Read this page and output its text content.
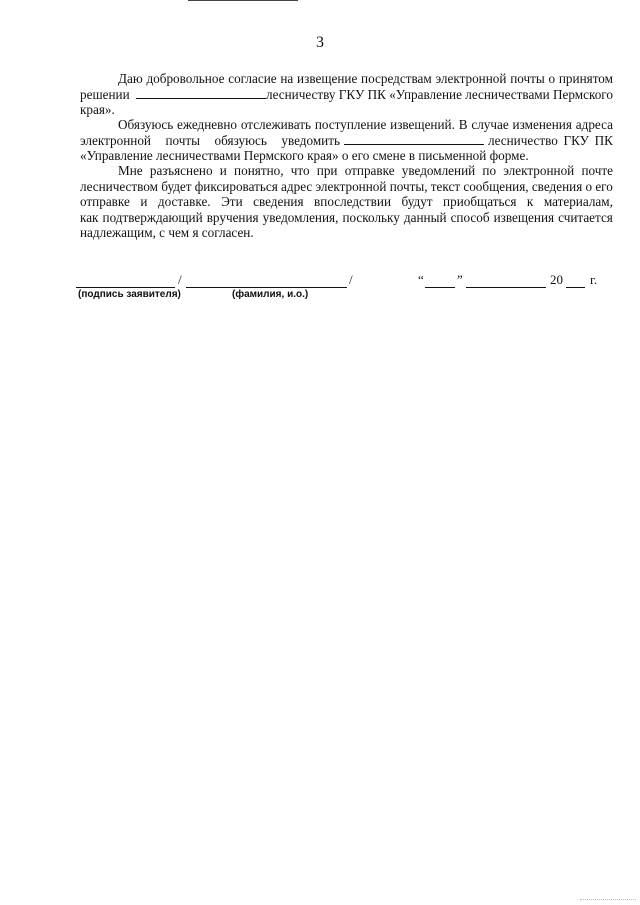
3
Даю добровольное согласие на извещение посредствам электронной почты о принятом
решении	лесничеству ГКУ ПК «Управление лесничествами Пермского
края».
Обязуюсь ежедневно отслеживать поступление извещений. В случае изменения адреса
электронной почты обязуюсь уведомить	лесничество ГКУ ПК
«Управление лесничествами Пермского края» о его смене в письменной форме.
Мне разъяснено и понятно, что при отправке уведомлений по электронной почте
лесничеством будет фиксироваться адрес электронной почты, текст сообщения, сведения о его
отправке и доставке. Эти сведения впоследствии будут приобщаться к материалам,
как подтверждающий вручения уведомления, поскольку данный способ извещения считается
надлежащим, с чем я согласен.
/	/
(подпись заявителя)	(фамилия, и.о.)
“	”	20 г.
